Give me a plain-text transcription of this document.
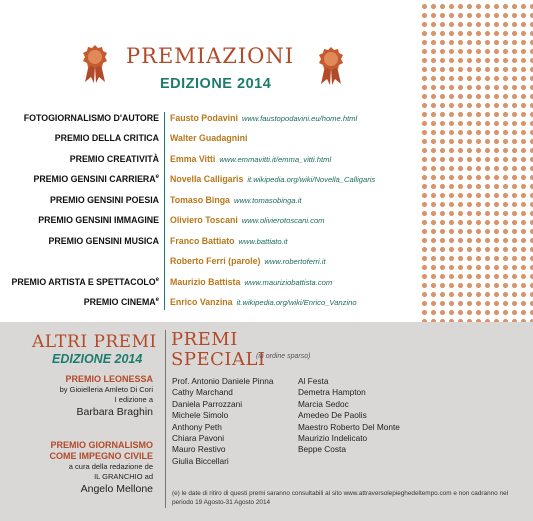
PREMIAZIONI
EDIZIONE 2014
FOTOGIORNALISMO D'AUTORE Fausto Podavini www.faustopodavini.eu/home.html
PREMIO DELLA CRITICA Walter Guadagnini
PREMIO CREATIVITÀ Emma Vitti www.emmavitti.it/emma_vitti.html
PREMIO GENSINI CARRIERA$^e$ Novella Calligaris it.wikipedia.org/wiki/Novella_Calligaris
PREMIO GENSINI POESIA Tomaso Binga www.tomasobinga.it
PREMIO GENSINI IMMAGINE Oliviero Toscani www.olivierotoscani.com
PREMIO GENSINI MUSICA Franco Battiato www.battiato.it
Roberto Ferri (parole) www.robertoferri.it
PREMIO ARTISTA E SPETTACOLO$^e$ Maurizio Battista www.mauriziobattista.com
PREMIO CINEMA$^e$ Enrico Vanzina it.wikipedia.org/wiki/Enrico_Vanzino
ALTRI PREMI
EDIZIONE 2014
PREMIO LEONESSA
by Gioielleria Amleto Di Cori
I edizione a
Barbara Braghin
PREMIO GIORNALISMO
COME IMPEGNO CIVILE
a cura della redazione de
IL GRANCHIO ad
Angelo Mellone
PREMI
SPECIALI
(in ordine sparso)
Prof. Antonio Daniele Pinna
Cathy Marchand
Daniela Parrozzani
Michele Simolo
Anthony Peth
Chiara Pavoni
Mauro Restivo
Giulia Biccellari
Al Festa
Demetra Hampton
Marcia Sedoc
Amedeo De Paolis
Maestro Roberto Del Monte
Maurizio Indelicato
Beppe Costa
(e) le date di ritiro di questi premi saranno consultabili al sito www.attraversolepieghedeltempo.com e non cadranno nel periodo 19 Agosto-31 Agosto 2014
